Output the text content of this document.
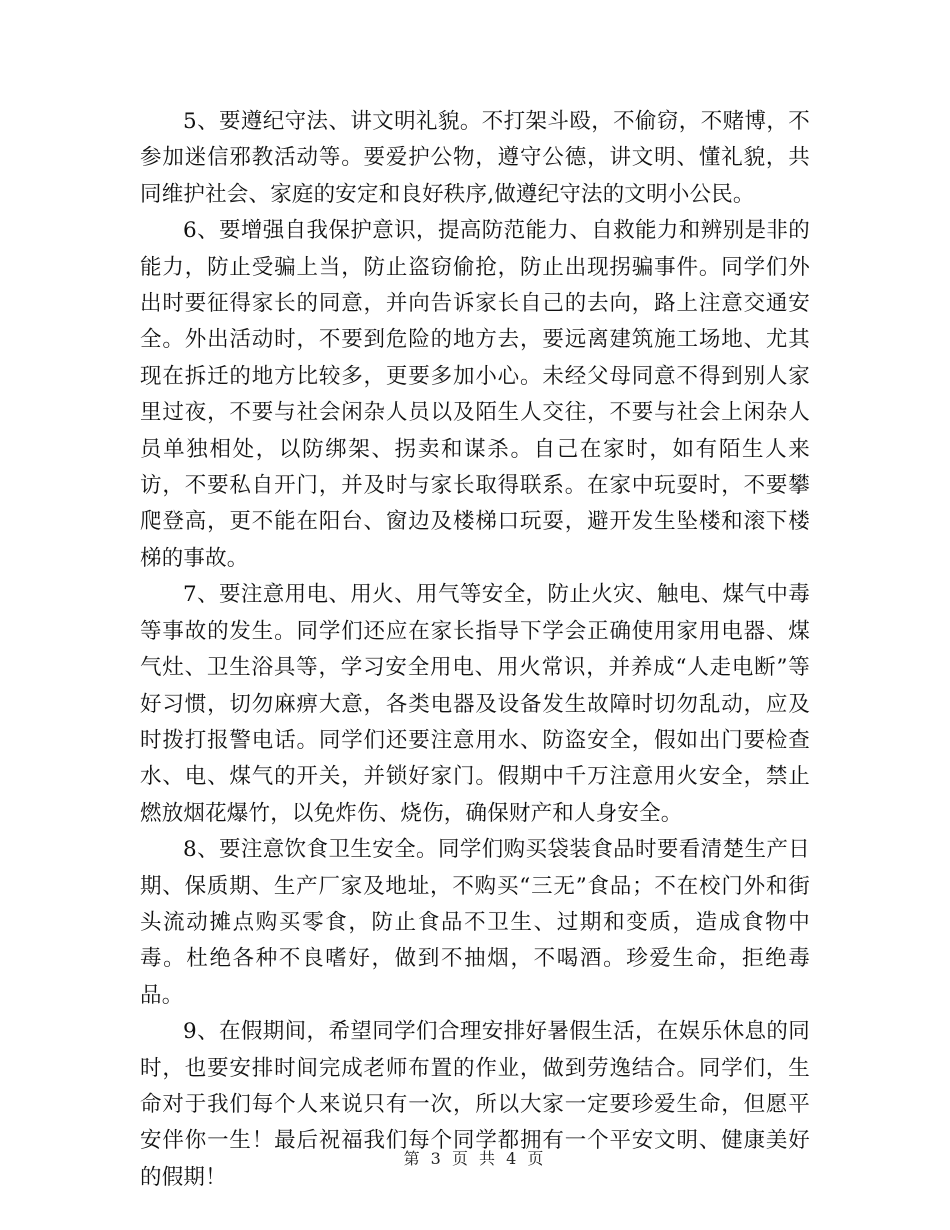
5、要遵纪守法、讲文明礼貌。不打架斗殴，不偷窃，不赌博，不参加迷信邪教活动等。要爱护公物，遵守公德，讲文明、懂礼貌，共同维护社会、家庭的安定和良好秩序,做遵纪守法的文明小公民。

6、要增强自我保护意识，提高防范能力、自救能力和辨别是非的能力，防止受骗上当，防止盗窃偷抢，防止出现拐骗事件。同学们外出时要征得家长的同意，并向告诉家长自己的去向，路上注意交通安全。外出活动时，不要到危险的地方去，要远离建筑施工场地、尤其现在拆迁的地方比较多，更要多加小心。未经父母同意不得到别人家里过夜，不要与社会闲杂人员以及陌生人交往，不要与社会上闲杂人员单独相处，以防绑架、拐卖和谋杀。自己在家时，如有陌生人来访，不要私自开门，并及时与家长取得联系。在家中玩耍时，不要攀爬登高，更不能在阳台、窗边及楼梯口玩耍，避开发生坠楼和滚下楼梯的事故。

7、要注意用电、用火、用气等安全，防止火灾、触电、煤气中毒等事故的发生。同学们还应在家长指导下学会正确使用家用电器、煤气灶、卫生浴具等，学习安全用电、用火常识，并养成“人走电断”等好习惯，切勿麻痹大意，各类电器及设备发生故障时切勿乱动，应及时拨打报警电话。同学们还要注意用水、防盗安全，假如出门要检查水、电、煤气的开关，并锁好家门。假期中千万注意用火安全，禁止燃放烟花爆竹，以免炸伤、烧伤，确保财产和人身安全。

8、要注意饮食卫生安全。同学们购买袋装食品时要看清楚生产日期、保质期、生产厂家及地址，不购买“三无”食品；不在校门外和街头流动摊点购买零食，防止食品不卫生、过期和变质，造成食物中毒。杜绝各种不良嗜好，做到不抽烟，不喝酒。珍爱生命，拒绝毒品。

9、在假期间，希望同学们合理安排好暑假生活，在娱乐休息的同时，也要安排时间完成老师布置的作业，做到劳逸结合。同学们，生命对于我们每个人来说只有一次，所以大家一定要珍爱生命，但愿平安伴你一生！最后祝福我们每个同学都拥有一个平安文明、健康美好的假期！

第 3 页 共 4 页
